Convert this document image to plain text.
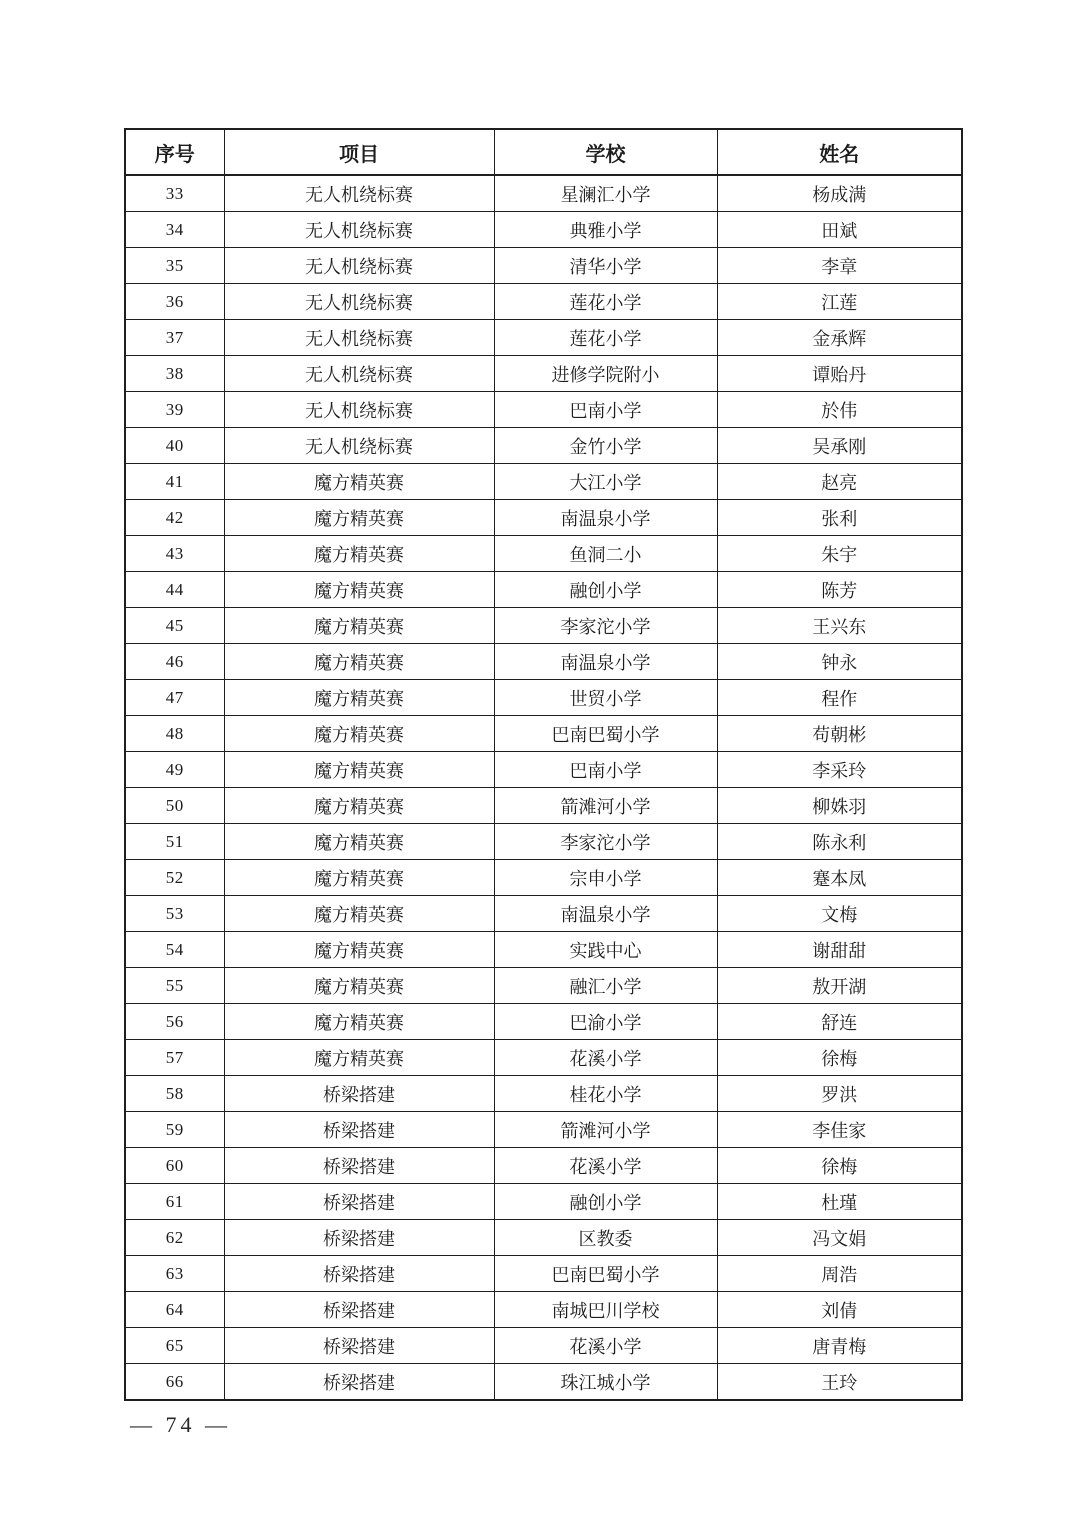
序号	项目	学校	姓名
33	无人机绕标赛	星澜汇小学	杨成满
34	无人机绕标赛	典雅小学	田斌
35	无人机绕标赛	清华小学	李章
36	无人机绕标赛	莲花小学	江莲
37	无人机绕标赛	莲花小学	金承辉
38	无人机绕标赛	进修学院附小	谭贻丹
39	无人机绕标赛	巴南小学	於伟
40	无人机绕标赛	金竹小学	吴承刚
41	魔方精英赛	大江小学	赵亮
42	魔方精英赛	南温泉小学	张利
43	魔方精英赛	鱼洞二小	朱宇
44	魔方精英赛	融创小学	陈芳
45	魔方精英赛	李家沱小学	王兴东
46	魔方精英赛	南温泉小学	钟永
47	魔方精英赛	世贸小学	程作
48	魔方精英赛	巴南巴蜀小学	苟朝彬
49	魔方精英赛	巴南小学	李采玲
50	魔方精英赛	箭滩河小学	柳姝羽
51	魔方精英赛	李家沱小学	陈永利
52	魔方精英赛	宗申小学	蹇本凤
53	魔方精英赛	南温泉小学	文梅
54	魔方精英赛	实践中心	谢甜甜
55	魔方精英赛	融汇小学	敖开湖
56	魔方精英赛	巴渝小学	舒连
57	魔方精英赛	花溪小学	徐梅
58	桥梁搭建	桂花小学	罗洪
59	桥梁搭建	箭滩河小学	李佳家
60	桥梁搭建	花溪小学	徐梅
61	桥梁搭建	融创小学	杜瑾
62	桥梁搭建	区教委	冯文娟
63	桥梁搭建	巴南巴蜀小学	周浩
64	桥梁搭建	南城巴川学校	刘倩
65	桥梁搭建	花溪小学	唐青梅
66	桥梁搭建	珠江城小学	王玲
— 74 —
